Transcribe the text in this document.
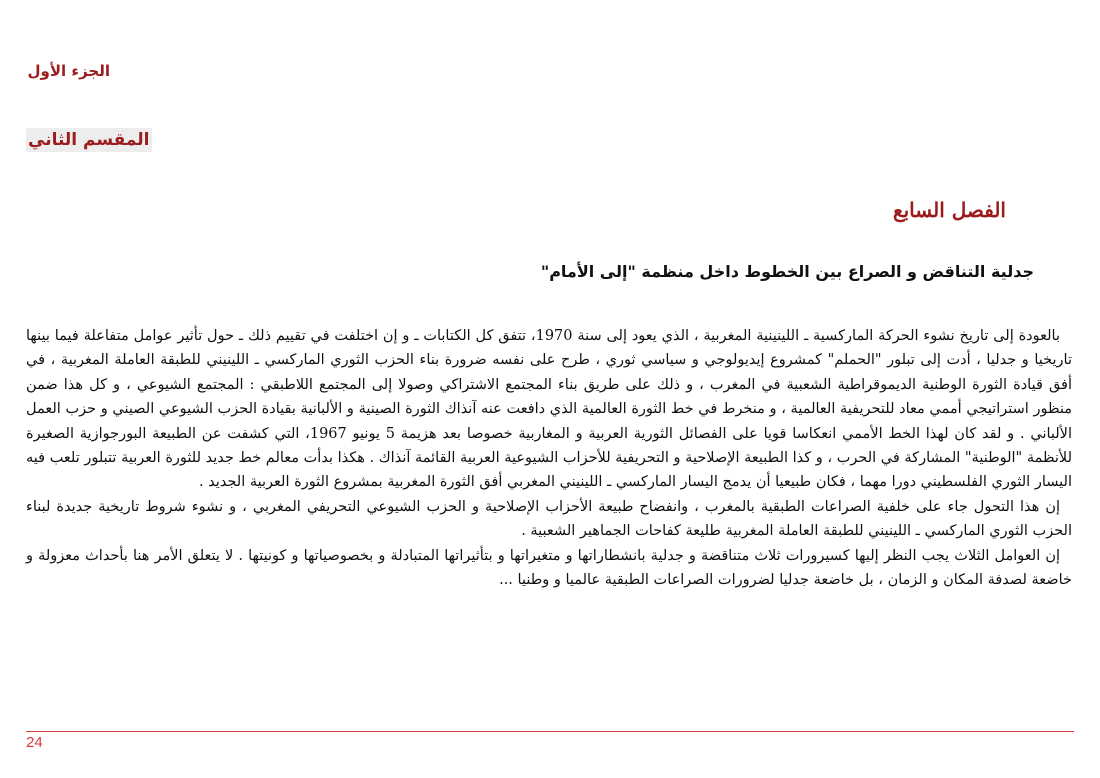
الجزء الأول
المقسم الثاني
الفصل السابع
جدلية التناقض و الصراع بين الخطوط داخل منظمة "إلى الأمام"

بالعودة إلى تاريخ نشوء الحركة الماركسية ـ اللينينية المغربية ، الذي يعود إلى سنة 1970، تتفق كل الكتابات ـ و إن اختلفت في تقييم ذلك ـ حول تأثير عوامل متفاعلة فيما بينها تاريخيا و جدليا ، أدت إلى تبلور "الحملم" كمشروع إيديولوجي و سياسي ثوري ، طرح على نفسه ضرورة بناء الحزب الثوري الماركسي ـ اللينيني للطبقة العاملة المغربية ، في أفق قيادة الثورة الوطنية الديموقراطية الشعبية في المغرب ، و ذلك على طريق بناء المجتمع الاشتراكي وصولا إلى المجتمع اللاطبقي : المجتمع الشيوعي ، و كل هذا ضمن منظور استراتيجي أممي معاد للتحريفية العالمية ، و منخرط في خط الثورة العالمية الذي دافعت عنه آنذاك الثورة الصينية و الألبانية بقيادة الحزب الشيوعي الصيني و حزب العمل الألباني . و لقد كان لهذا الخط الأممي انعكاسا قويا على الفصائل الثورية العربية و المغاربية خصوصا بعد هزيمة 5 يونيو 1967، التي كشفت عن الطبيعة البورجوازية الصغيرة للأنظمة "الوطنية" المشاركة في الحرب ، و كذا الطبيعة الإصلاحية و التحريفية للأحزاب الشيوعية العربية القائمة آنذاك . هكذا بدأت معالم خط جديد للثورة العربية تتبلور تلعب فيه اليسار الثوري الفلسطيني دورا مهما ، فكان طبيعيا أن يدمج اليسار الماركسي ـ اللينيني المغربي أفق الثورة المغربية بمشروع الثورة العربية الجديد .

إن هذا التحول جاء على خلفية الصراعات الطبقية بالمغرب ، وانفضاح طبيعة الأحزاب الإصلاحية و الحزب الشيوعي التحريفي المغربي ، و نشوء شروط تاريخية جديدة لبناء الحزب الثوري الماركسي ـ اللينيني للطبقة العاملة المغربية طليعة كفاحات الجماهير الشعبية .

إن العوامل الثلاث يجب النظر إليها كسيرورات ثلاث متناقضة و جدلية بانشطاراتها و متغيراتها و بتأثيراتها المتبادلة و بخصوصياتها و كونيتها . لا يتعلق الأمر هنا بأحداث معزولة و خاضعة لصدفة المكان و الزمان ، بل خاضعة جدليا لضرورات الصراعات الطبقية عالميا و وطنيا ...

24
